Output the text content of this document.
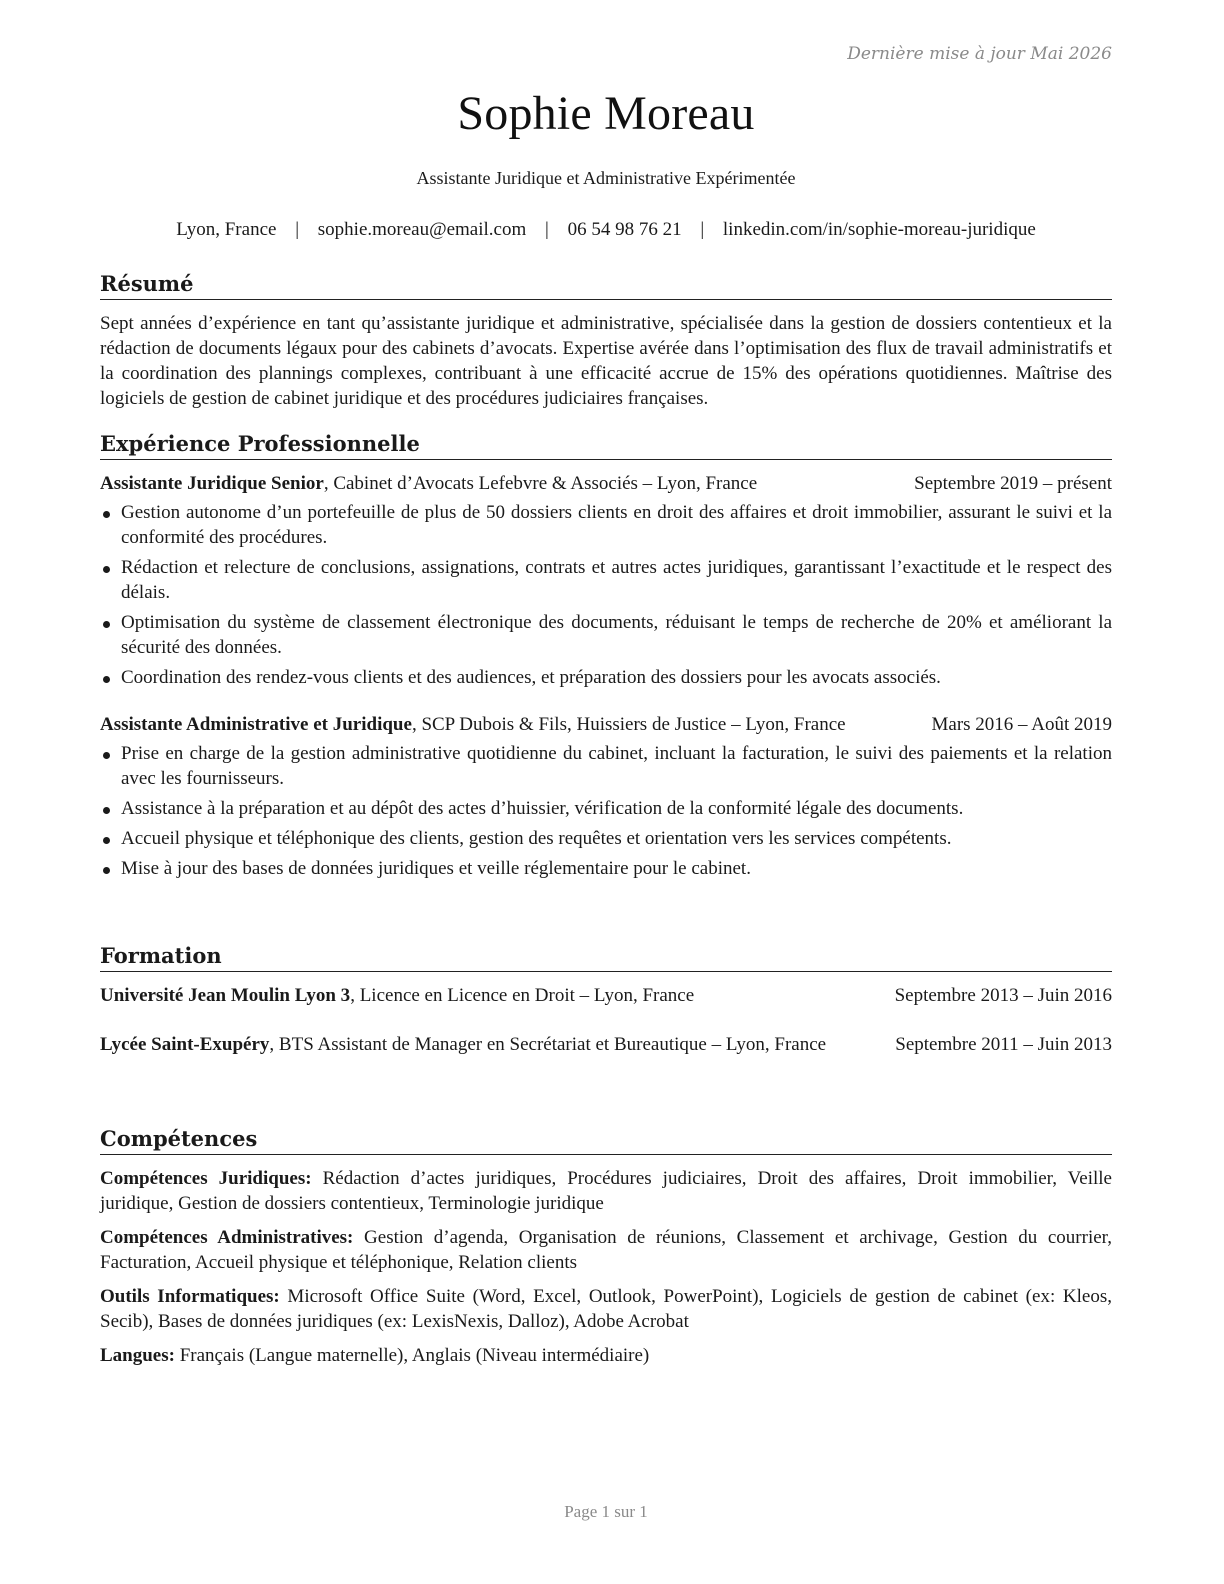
Dernière mise à jour Mai 2026
Sophie Moreau
Assistante Juridique et Administrative Expérimentée
Lyon, France | sophie.moreau@email.com | 06 54 98 76 21 | linkedin.com/in/sophie-moreau-juridique
Résumé
Sept années d’expérience en tant qu’assistante juridique et administrative, spécialisée dans la gestion de dossiers contentieux et la rédaction de documents légaux pour des cabinets d’avocats. Expertise avérée dans l’optimisation des flux de travail administratifs et la coordination des plannings complexes, contribuant à une efficacité accrue de 15% des opérations quotidiennes. Maîtrise des logiciels de gestion de cabinet juridique et des procédures judiciaires françaises.
Expérience Professionnelle
Assistante Juridique Senior, Cabinet d’Avocats Lefebvre & Associés – Lyon, France	Septembre 2019 – présent
Gestion autonome d’un portefeuille de plus de 50 dossiers clients en droit des affaires et droit immobilier, assurant le suivi et la conformité des procédures.
Rédaction et relecture de conclusions, assignations, contrats et autres actes juridiques, garantissant l’exactitude et le respect des délais.
Optimisation du système de classement électronique des documents, réduisant le temps de recherche de 20% et améliorant la sécurité des données.
Coordination des rendez-vous clients et des audiences, et préparation des dossiers pour les avocats associés.
Assistante Administrative et Juridique, SCP Dubois & Fils, Huissiers de Justice – Lyon, France	Mars 2016 – Août 2019
Prise en charge de la gestion administrative quotidienne du cabinet, incluant la facturation, le suivi des paiements et la relation avec les fournisseurs.
Assistance à la préparation et au dépôt des actes d’huissier, vérification de la conformité légale des documents.
Accueil physique et téléphonique des clients, gestion des requêtes et orientation vers les services compétents.
Mise à jour des bases de données juridiques et veille réglementaire pour le cabinet.
Formation
Université Jean Moulin Lyon 3, Licence en Licence en Droit – Lyon, France	Septembre 2013 – Juin 2016
Lycée Saint-Exupéry, BTS Assistant de Manager en Secrétariat et Bureautique – Lyon, France	Septembre 2011 – Juin 2013
Compétences
Compétences Juridiques: Rédaction d’actes juridiques, Procédures judiciaires, Droit des affaires, Droit immobilier, Veille juridique, Gestion de dossiers contentieux, Terminologie juridique
Compétences Administratives: Gestion d’agenda, Organisation de réunions, Classement et archivage, Gestion du courrier, Facturation, Accueil physique et téléphonique, Relation clients
Outils Informatiques: Microsoft Office Suite (Word, Excel, Outlook, PowerPoint), Logiciels de gestion de cabinet (ex: Kleos, Secib), Bases de données juridiques (ex: LexisNexis, Dalloz), Adobe Acrobat
Langues: Français (Langue maternelle), Anglais (Niveau intermédiaire)
Page 1 sur 1
